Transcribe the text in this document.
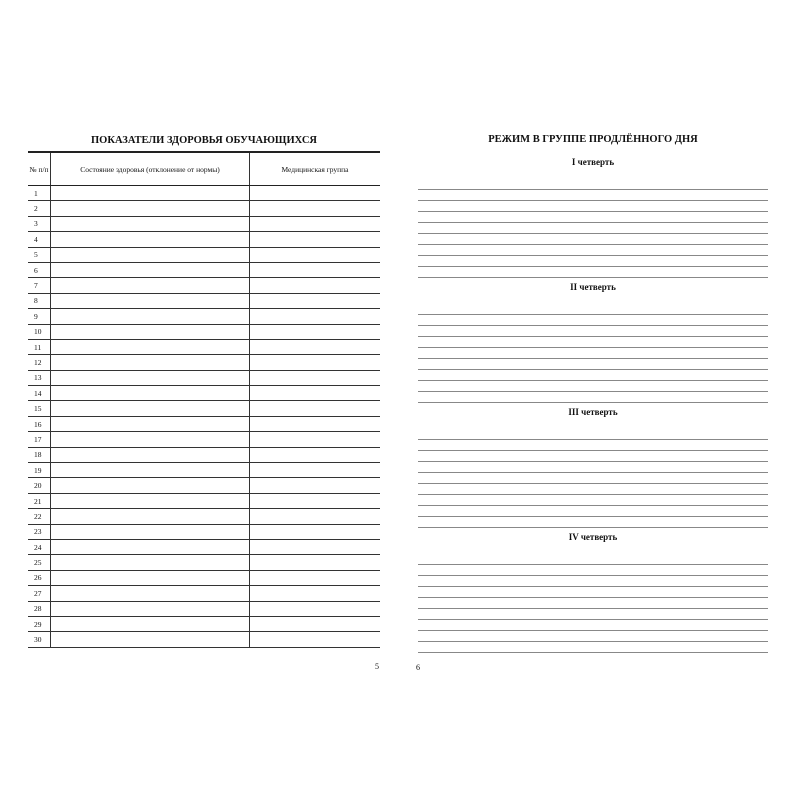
ПОКАЗАТЕЛИ ЗДОРОВЬЯ ОБУЧАЮЩИХСЯ
№ п/п	Состояние здоровья (отклонение от нормы)	Медицинская группа
1		
2		
3		
4		
5		
6		
7		
8		
9		
10		
11		
12		
13		
14		
15		
16		
17		
18		
19		
20		
21		
22		
23		
24		
25		
26		
27		
28		
29		
30		
5
РЕЖИМ В ГРУППЕ ПРОДЛЁННОГО ДНЯ
I четверть
II четверть
III четверть
IV четверть
6
